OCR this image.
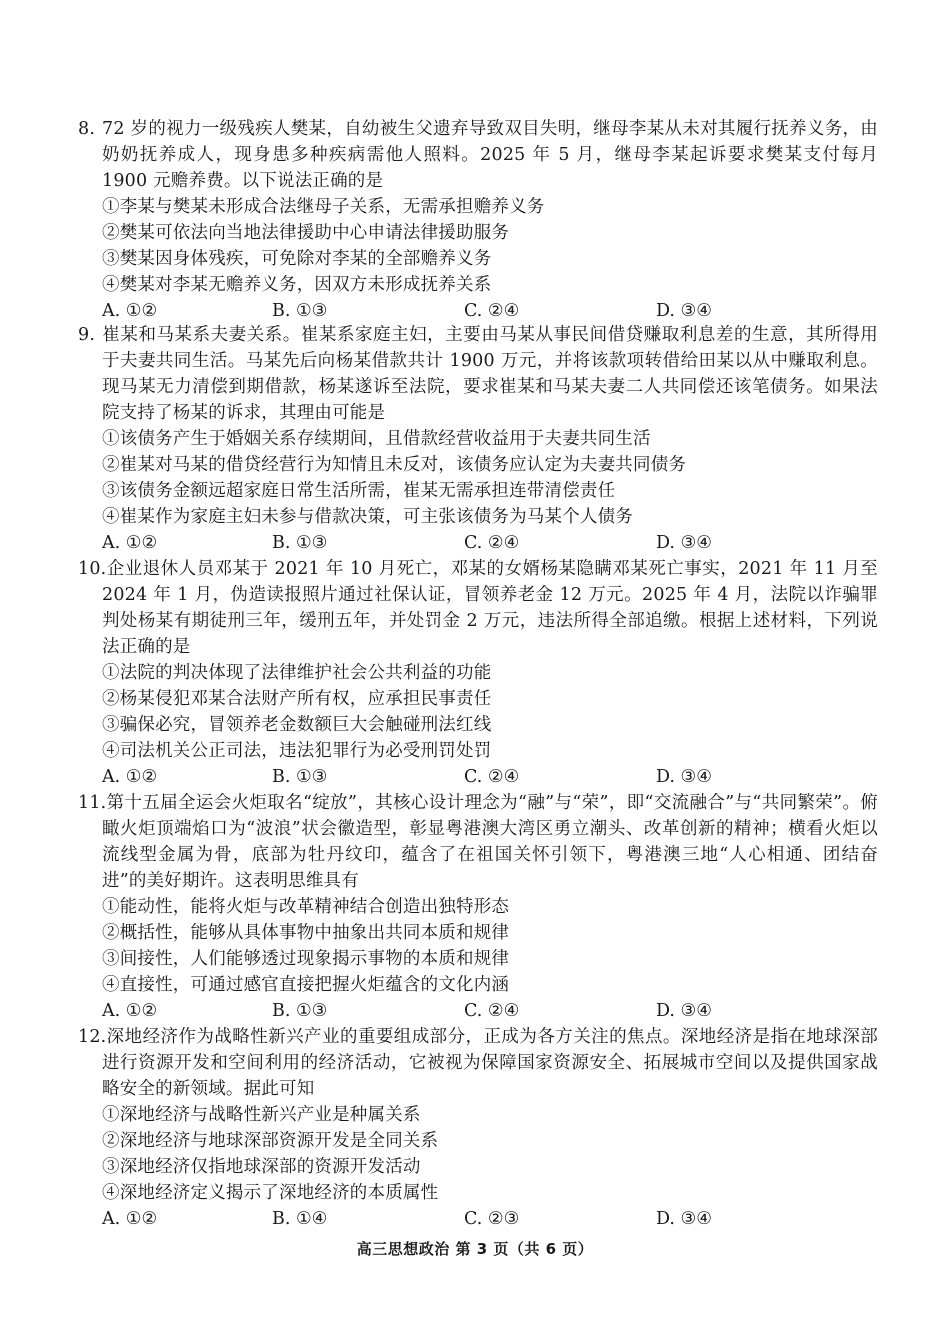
8. 72 岁的视力一级残疾人樊某，自幼被生父遗弃导致双目失明，继母李某从未对其履行抚养义务，由奶奶抚养成人，现身患多种疾病需他人照料。2025 年 5 月，继母李某起诉要求樊某支付每月 1900 元赡养费。以下说法正确的是

①李某与樊某未形成合法继母子关系，无需承担赡养义务

②樊某可依法向当地法律援助中心申请法律援助服务

③樊某因身体残疾，可免除对李某的全部赡养义务

④樊某对李某无赡养义务，因双方未形成抚养关系

A. ①②	B. ①③	C. ②④	D. ③④

9. 崔某和马某系夫妻关系。崔某系家庭主妇，主要由马某从事民间借贷赚取利息差的生意，其所得用于夫妻共同生活。马某先后向杨某借款共计 1900 万元，并将该款项转借给田某以从中赚取利息。现马某无力清偿到期借款，杨某遂诉至法院，要求崔某和马某夫妻二人共同偿还该笔债务。如果法院支持了杨某的诉求，其理由可能是

①该债务产生于婚姻关系存续期间，且借款经营收益用于夫妻共同生活

②崔某对马某的借贷经营行为知情且未反对，该债务应认定为夫妻共同债务

③该债务金额远超家庭日常生活所需，崔某无需承担连带清偿责任

④崔某作为家庭主妇未参与借款决策，可主张该债务为马某个人债务

A. ①②	B. ①③	C. ②④	D. ③④

10.企业退休人员邓某于 2021 年 10 月死亡，邓某的女婿杨某隐瞒邓某死亡事实，2021 年 11 月至 2024 年 1 月，伪造读报照片通过社保认证，冒领养老金 12 万元。2025 年 4 月，法院以诈骗罪判处杨某有期徒刑三年，缓刑五年，并处罚金 2 万元，违法所得全部追缴。根据上述材料，下列说法正确的是

①法院的判决体现了法律维护社会公共利益的功能

②杨某侵犯邓某合法财产所有权，应承担民事责任

③骗保必究，冒领养老金数额巨大会触碰刑法红线

④司法机关公正司法，违法犯罪行为必受刑罚处罚

A. ①②	B. ①③	C. ②④	D. ③④

11.第十五届全运会火炬取名“绽放”，其核心设计理念为“融”与“荣”，即“交流融合”与“共同繁荣”。俯瞰火炬顶端焰口为“波浪”状会徽造型，彰显粤港澳大湾区勇立潮头、改革创新的精神；横看火炬以流线型金属为骨，底部为牡丹纹印，蕴含了在祖国关怀引领下，粤港澳三地“人心相通、团结奋进”的美好期许。这表明思维具有

①能动性，能将火炬与改革精神结合创造出独特形态

②概括性，能够从具体事物中抽象出共同本质和规律

③间接性，人们能够透过现象揭示事物的本质和规律

④直接性，可通过感官直接把握火炬蕴含的文化内涵

A. ①②	B. ①③	C. ②④	D. ③④

12.深地经济作为战略性新兴产业的重要组成部分，正成为各方关注的焦点。深地经济是指在地球深部进行资源开发和空间利用的经济活动，它被视为保障国家资源安全、拓展城市空间以及提供国家战略安全的新领域。据此可知

①深地经济与战略性新兴产业是种属关系

②深地经济与地球深部资源开发是全同关系

③深地经济仅指地球深部的资源开发活动

④深地经济定义揭示了深地经济的本质属性

A. ①②	B. ①④	C. ②③	D. ③④
高三思想政治 第 3 页（共 6 页）
